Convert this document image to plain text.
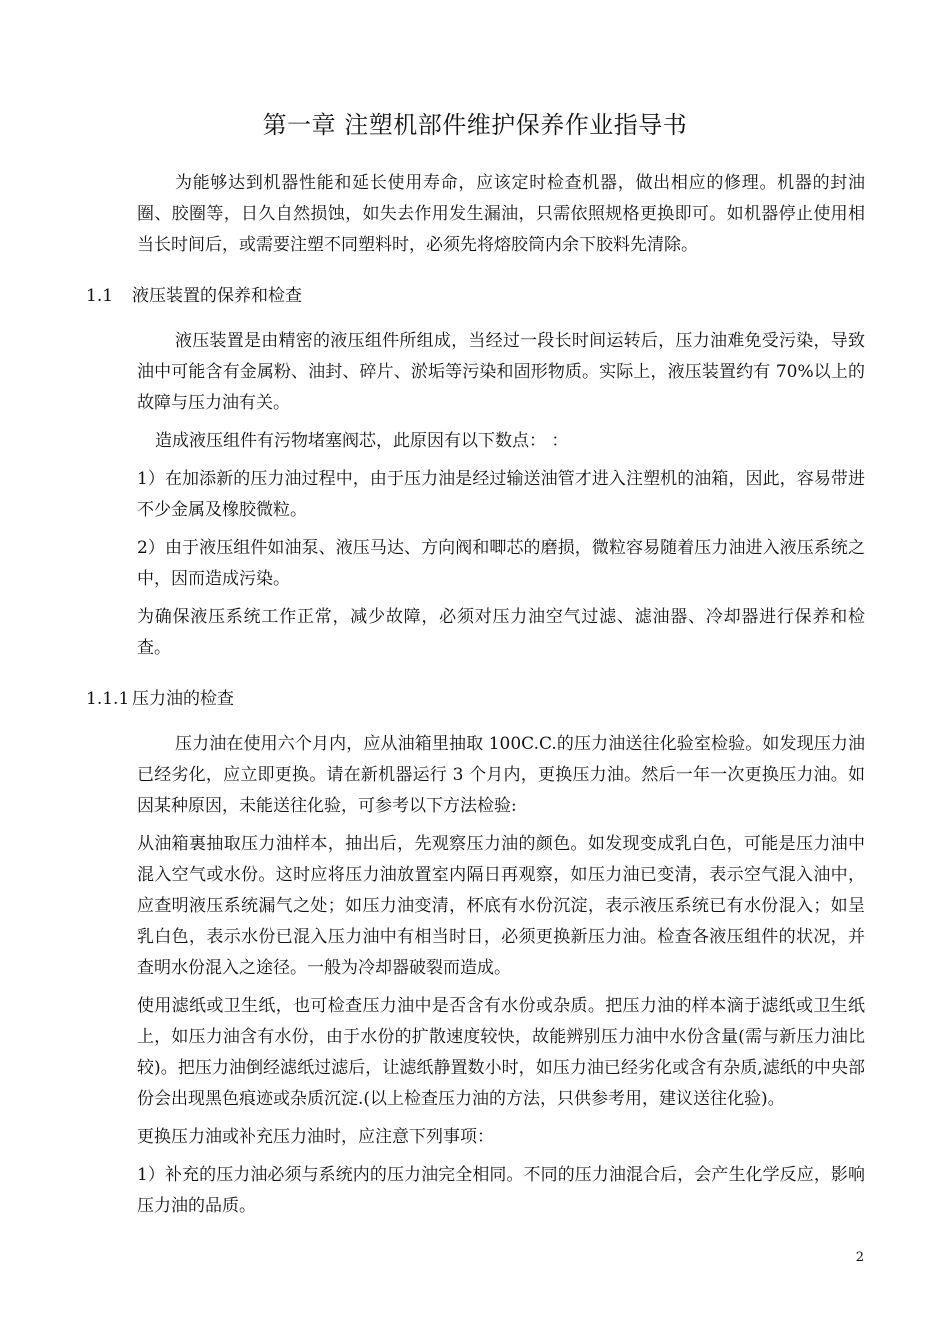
第一章 注塑机部件维护保养作业指导书

为能够达到机器性能和延长使用寿命，应该定时检查机器，做出相应的修理。机器的封油圈、胶圈等，日久自然损蚀，如失去作用发生漏油，只需依照规格更换即可。如机器停止使用相当长时间后，或需要注塑不同塑料时，必须先将熔胶筒内余下胶料先清除。

1.1 液压装置的保养和检查

液压装置是由精密的液压组件所组成，当经过一段长时间运转后，压力油难免受污染，导致油中可能含有金属粉、油封、碎片、淤垢等污染和固形物质。实际上，液压装置约有 70%以上的故障与压力油有关。

造成液压组件有污物堵塞阀芯，此原因有以下数点： ：

1）在加添新的压力油过程中，由于压力油是经过输送油管才进入注塑机的油箱，因此，容易带进不少金属及橡胶微粒。

2）由于液压组件如油泵、液压马达、方向阀和唧芯的磨损，微粒容易随着压力油进入液压系统之中，因而造成污染。

为确保液压系统工作正常，减少故障，必须对压力油空气过滤、滤油器、冷却器进行保养和检查。

1.1.1 压力油的检查

压力油在使用六个月内，应从油箱里抽取 100C.C.的压力油送往化验室检验。如发现压力油已经劣化，应立即更换。请在新机器运行 3 个月内，更换压力油。然后一年一次更换压力油。如因某种原因，未能送往化验，可参考以下方法检验:

从油箱裏抽取压力油样本，抽出后，先观察压力油的颜色。如发现变成乳白色，可能是压力油中混入空气或水份。这时应将压力油放置室内隔日再观察，如压力油已变清，表示空气混入油中，应查明液压系统漏气之处；如压力油变清，杯底有水份沉淀，表示液压系统已有水份混入；如呈乳白色，表示水份已混入压力油中有相当时日，必须更换新压力油。检查各液压组件的状况，并查明水份混入之途径。一般为冷却器破裂而造成。

使用滤纸或卫生纸，也可检查压力油中是否含有水份或杂质。把压力油的样本滴于滤纸或卫生纸上，如压力油含有水份，由于水份的扩散速度较快，故能辨别压力油中水份含量(需与新压力油比较)。把压力油倒经滤纸过滤后，让滤纸静置数小时，如压力油已经劣化或含有杂质,滤纸的中央部份会出现黑色痕迹或杂质沉淀.(以上检查压力油的方法，只供参考用，建议送往化验)。

更换压力油或补充压力油时，应注意下列事项：

1）补充的压力油必须与系统内的压力油完全相同。不同的压力油混合后，会产生化学反应，影响压力油的品质。

2
